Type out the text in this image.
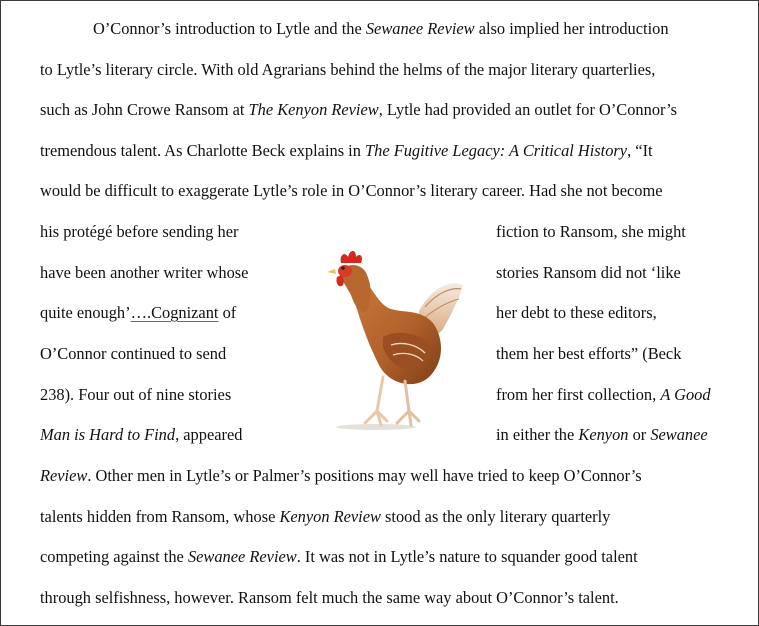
O’Connor’s introduction to Lytle and the Sewanee Review also implied her introduction
to Lytle’s literary circle. With old Agrarians behind the helms of the major literary quarterlies,
such as John Crowe Ransom at The Kenyon Review, Lytle had provided an outlet for O’Connor’s
tremendous talent. As Charlotte Beck explains in The Fugitive Legacy: A Critical History, “It
would be difficult to exaggerate Lytle’s role in O’Connor’s literary career. Had she not become
his protégé before sending her	fiction to Ransom, she might
have been another writer whose	stories Ransom did not ‘like
quite enough’….Cognizant of	her debt to these editors,
O’Connor continued to send	them her best efforts” (Beck
238). Four out of nine stories	from her first collection, A Good
Man is Hard to Find, appeared	in either the Kenyon or Sewanee
Review. Other men in Lytle’s or Palmer’s positions may well have tried to keep O’Connor’s
talents hidden from Ransom, whose Kenyon Review stood as the only literary quarterly
competing against the Sewanee Review. It was not in Lytle’s nature to squander good talent
through selfishness, however. Ransom felt much the same way about O’Connor’s talent.
